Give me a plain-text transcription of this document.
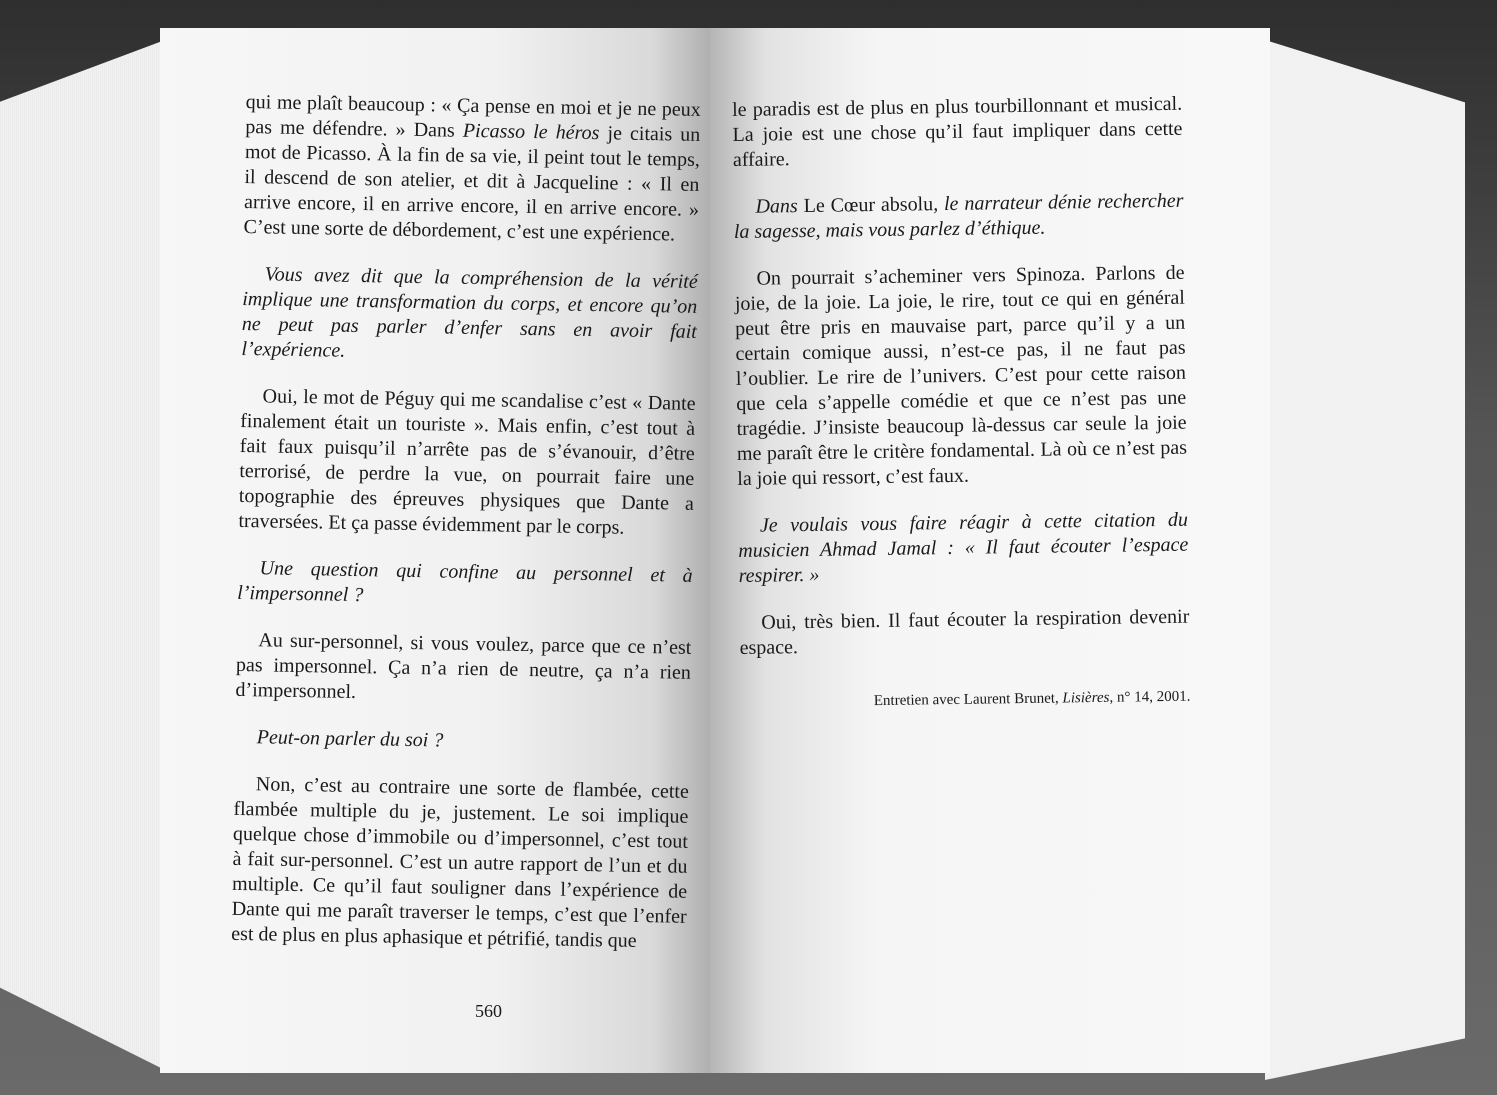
qui me plaît beaucoup : « Ça pense en moi et je ne peux pas me défendre. » Dans Picasso le héros je citais un mot de Picasso. À la fin de sa vie, il peint tout le temps, il descend de son atelier, et dit à Jacqueline : « Il en arrive encore, il en arrive encore, il en arrive encore. » C’est une sorte de débordement, c’est une expérience.

Vous avez dit que la compréhension de la vérité implique une transformation du corps, et encore qu’on ne peut pas parler d’enfer sans en avoir fait l’expérience.

Oui, le mot de Péguy qui me scandalise c’est « Dante finalement était un touriste ». Mais enfin, c’est tout à fait faux puisqu’il n’arrête pas de s’évanouir, d’être terrorisé, de perdre la vue, on pourrait faire une topographie des épreuves physiques que Dante a traversées. Et ça passe évidemment par le corps.

Une question qui confine au personnel et à l’impersonnel ?

Au sur-personnel, si vous voulez, parce que ce n’est pas impersonnel. Ça n’a rien de neutre, ça n’a rien d’impersonnel.

Peut-on parler du soi ?

Non, c’est au contraire une sorte de flambée, cette flambée multiple du je, justement. Le soi implique quelque chose d’immobile ou d’impersonnel, c’est tout à fait sur-personnel. C’est un autre rapport de l’un et du multiple. Ce qu’il faut souligner dans l’expérience de Dante qui me paraît traverser le temps, c’est que l’enfer est de plus en plus aphasique et pétrifié, tandis que

560

le paradis est de plus en plus tourbillonnant et musical. La joie est une chose qu’il faut impliquer dans cette affaire.

Dans Le Cœur absolu, le narrateur dénie rechercher la sagesse, mais vous parlez d’éthique.

On pourrait s’acheminer vers Spinoza. Parlons de joie, de la joie. La joie, le rire, tout ce qui en général peut être pris en mauvaise part, parce qu’il y a un certain comique aussi, n’est-ce pas, il ne faut pas l’oublier. Le rire de l’univers. C’est pour cette raison que cela s’appelle comédie et que ce n’est pas une tragédie. J’insiste beaucoup là-dessus car seule la joie me paraît être le critère fondamental. Là où ce n’est pas la joie qui ressort, c’est faux.

Je voulais vous faire réagir à cette citation du musicien Ahmad Jamal : « Il faut écouter l’espace respirer. »

Oui, très bien. Il faut écouter la respiration devenir espace.

Entretien avec Laurent Brunet, Lisières, n° 14, 2001.
